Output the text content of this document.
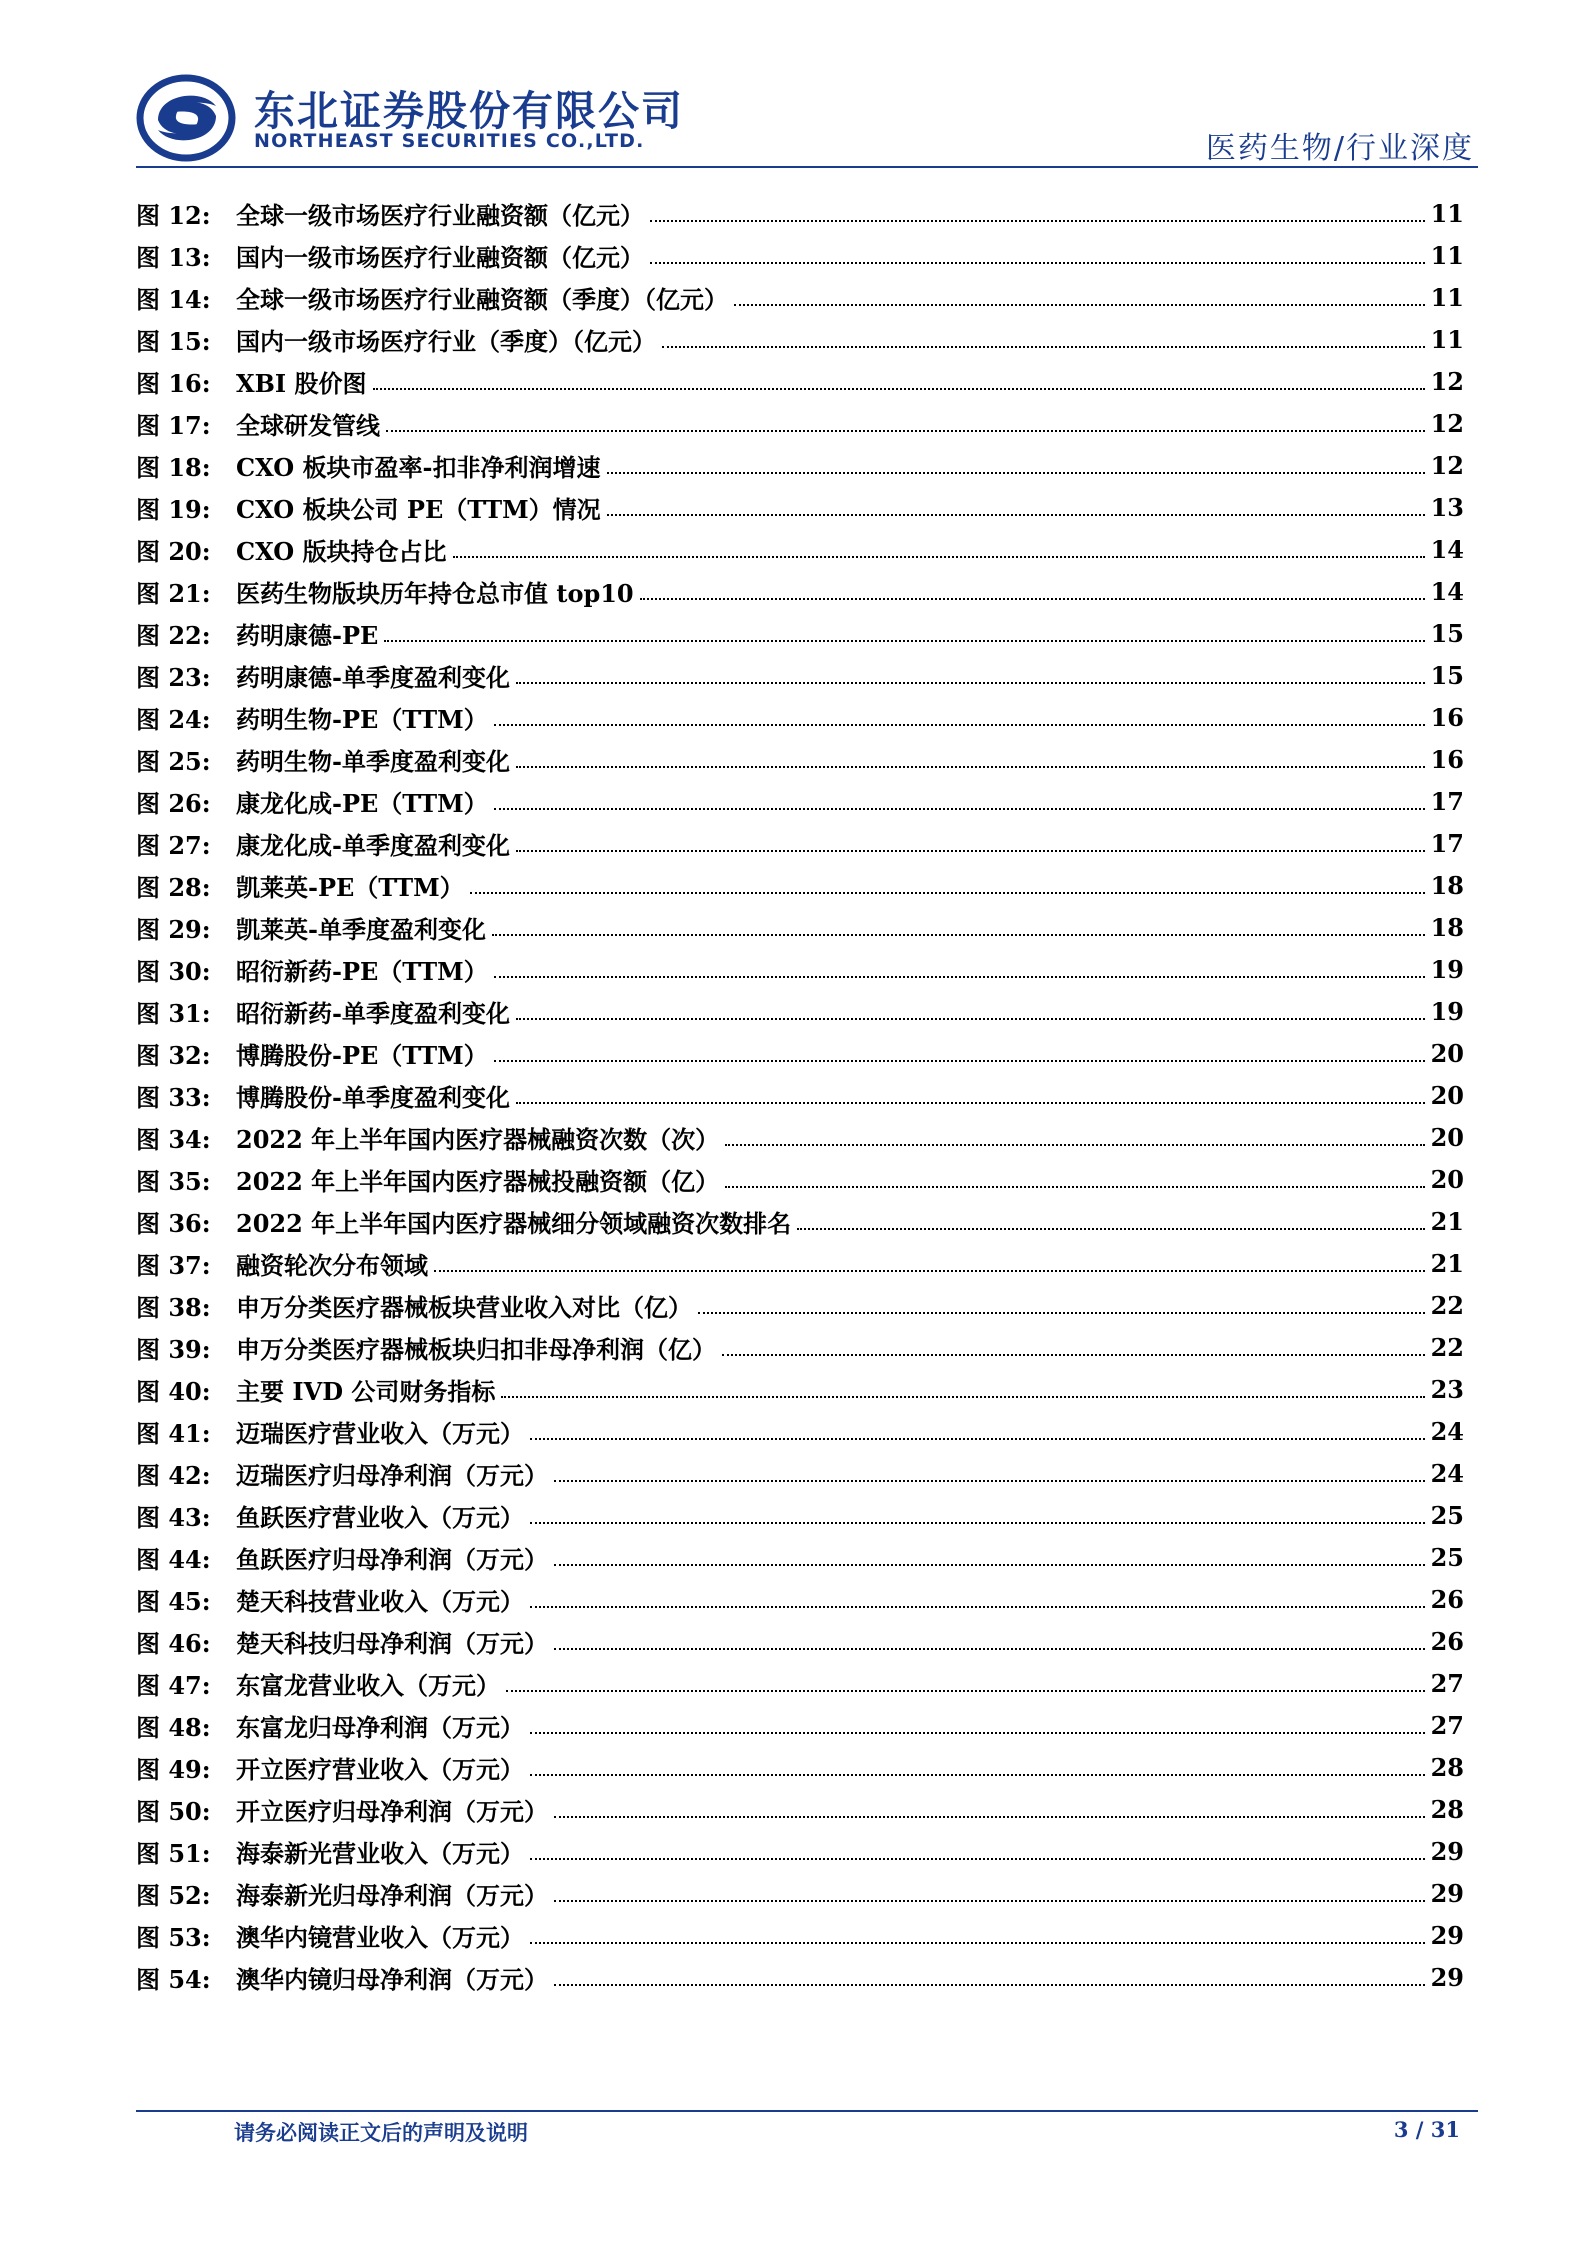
东北证券股份有限公司
NORTHEAST SECURITIES CO.,LTD.	医药生物/行业深度
图 12:	全球一级市场医疗行业融资额（亿元）	11
图 13:	国内一级市场医疗行业融资额（亿元）	11
图 14:	全球一级市场医疗行业融资额（季度）（亿元）	11
图 15:	国内一级市场医疗行业（季度）（亿元）	11
图 16:	XBI 股价图	12
图 17:	全球研发管线	12
图 18:	CXO 板块市盈率-扣非净利润增速	12
图 19:	CXO 板块公司 PE（TTM）情况	13
图 20:	CXO 版块持仓占比	14
图 21:	医药生物版块历年持仓总市值 top10	14
图 22:	药明康德-PE	15
图 23:	药明康德-单季度盈利变化	15
图 24:	药明生物-PE（TTM）	16
图 25:	药明生物-单季度盈利变化	16
图 26:	康龙化成-PE（TTM）	17
图 27:	康龙化成-单季度盈利变化	17
图 28:	凯莱英-PE（TTM）	18
图 29:	凯莱英-单季度盈利变化	18
图 30:	昭衍新药-PE（TTM）	19
图 31:	昭衍新药-单季度盈利变化	19
图 32:	博腾股份-PE（TTM）	20
图 33:	博腾股份-单季度盈利变化	20
图 34:	2022 年上半年国内医疗器械融资次数（次）	20
图 35:	2022 年上半年国内医疗器械投融资额（亿）	20
图 36:	2022 年上半年国内医疗器械细分领域融资次数排名	21
图 37:	融资轮次分布领域	21
图 38:	申万分类医疗器械板块营业收入对比（亿）	22
图 39:	申万分类医疗器械板块归扣非母净利润（亿）	22
图 40:	主要 IVD 公司财务指标	23
图 41:	迈瑞医疗营业收入（万元）	24
图 42:	迈瑞医疗归母净利润（万元）	24
图 43:	鱼跃医疗营业收入（万元）	25
图 44:	鱼跃医疗归母净利润（万元）	25
图 45:	楚天科技营业收入（万元）	26
图 46:	楚天科技归母净利润（万元）	26
图 47:	东富龙营业收入（万元）	27
图 48:	东富龙归母净利润（万元）	27
图 49:	开立医疗营业收入（万元）	28
图 50:	开立医疗归母净利润（万元）	28
图 51:	海泰新光营业收入（万元）	29
图 52:	海泰新光归母净利润（万元）	29
图 53:	澳华内镜营业收入（万元）	29
图 54:	澳华内镜归母净利润（万元）	29
请务必阅读正文后的声明及说明	3 / 31
